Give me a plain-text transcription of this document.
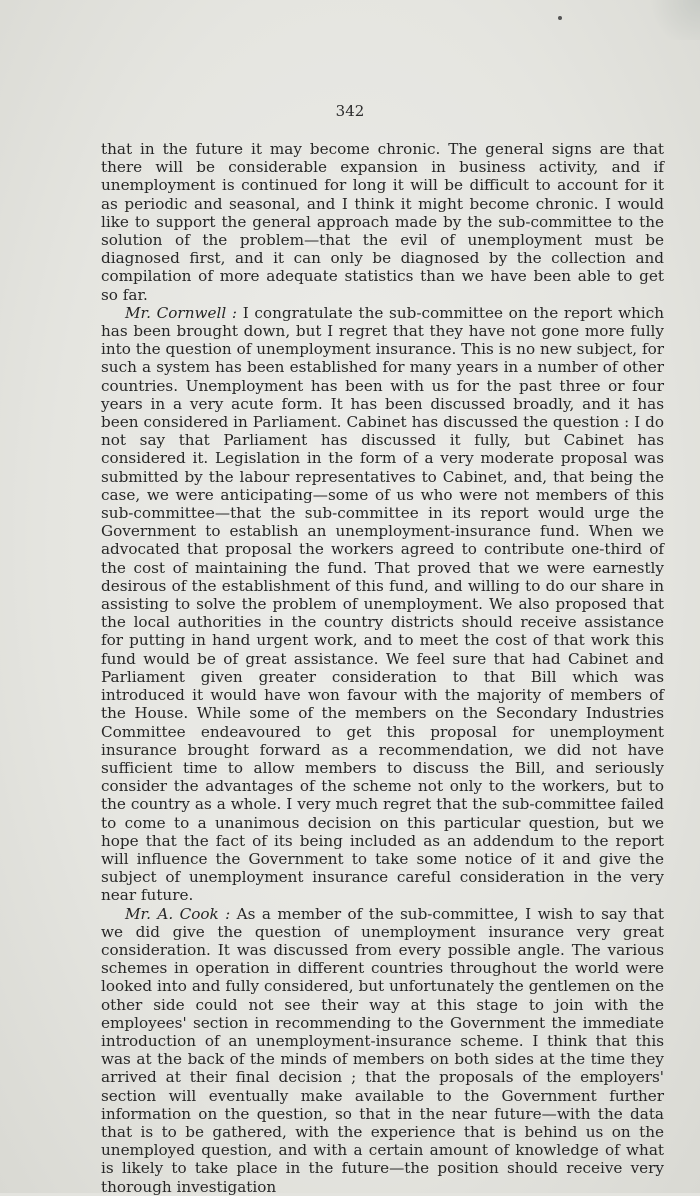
342

that in the future it may become chronic. The general signs are that there will be considerable expansion in business activity, and if unemployment is continued for long it will be difficult to account for it as periodic and seasonal, and I think it might become chronic. I would like to support the general approach made by the sub-committee to the solution of the problem—that the evil of unemployment must be diagnosed first, and it can only be diagnosed by the collection and compilation of more adequate statistics than we have been able to get so far.

Mr. Cornwell : I congratulate the sub-committee on the report which has been brought down, but I regret that they have not gone more fully into the question of unemployment insurance. This is no new subject, for such a system has been established for many years in a number of other countries. Unemployment has been with us for the past three or four years in a very acute form. It has been discussed broadly, and it has been considered in Parliament. Cabinet has discussed the question : I do not say that Parliament has discussed it fully, but Cabinet has considered it. Legislation in the form of a very moderate proposal was submitted by the labour representatives to Cabinet, and, that being the case, we were anticipating—some of us who were not members of this sub-committee—that the sub-committee in its report would urge the Government to establish an unemployment-insurance fund. When we advocated that proposal the workers agreed to contribute one-third of the cost of maintaining the fund. That proved that we were earnestly desirous of the establishment of this fund, and willing to do our share in assisting to solve the problem of unemployment. We also proposed that the local authorities in the country districts should receive assistance for putting in hand urgent work, and to meet the cost of that work this fund would be of great assistance. We feel sure that had Cabinet and Parliament given greater consideration to that Bill which was introduced it would have won favour with the majority of members of the House. While some of the members on the Secondary Industries Committee endeavoured to get this proposal for unemployment insurance brought forward as a recommendation, we did not have sufficient time to allow members to discuss the Bill, and seriously consider the advantages of the scheme not only to the workers, but to the country as a whole. I very much regret that the sub-committee failed to come to a unanimous decision on this particular question, but we hope that the fact of its being included as an addendum to the report will influence the Government to take some notice of it and give the subject of unemployment insurance careful consideration in the very near future.

Mr. A. Cook : As a member of the sub-committee, I wish to say that we did give the question of unemployment insurance very great consideration. It was discussed from every possible angle. The various schemes in operation in different countries throughout the world were looked into and fully considered, but unfortunately the gentlemen on the other side could not see their way at this stage to join with the employees' section in recommending to the Government the immediate introduction of an unemployment-insurance scheme. I think that this was at the back of the minds of members on both sides at the time they arrived at their final decision ; that the proposals of the employers' section will eventually make available to the Government further information on the question, so that in the near future—with the data that is to be gathered, with the experience that is behind us on the unemployed question, and with a certain amount of knowledge of what is likely to take place in the future—the position should receive very thorough investigation
